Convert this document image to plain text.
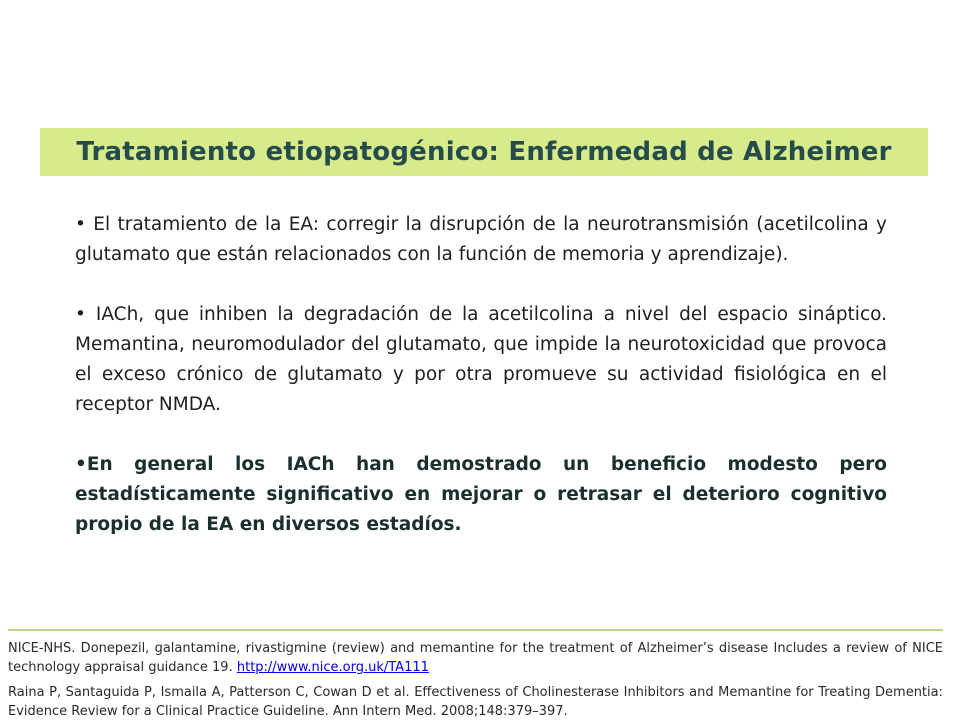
Tratamiento etiopatogénico: Enfermedad de Alzheimer

• El tratamiento de la EA: corregir la disrupción de la neurotransmisión (acetilcolina y glutamato que están relacionados con la función de memoria y aprendizaje).

• IACh, que inhiben la degradación de la acetilcolina a nivel del espacio sináptico. Memantina, neuromodulador del glutamato, que impide la neurotoxicidad que provoca el exceso crónico de glutamato y por otra promueve su actividad fisiológica en el receptor NMDA.

•En general los IACh han demostrado un beneficio modesto pero estadísticamente significativo en mejorar o retrasar el deterioro cognitivo propio de la EA en diversos estadíos.

NICE-NHS. Donepezil, galantamine, rivastigmine (review) and memantine for the treatment of Alzheimer’s disease Includes a review of NICE technology appraisal guidance 19. http://www.nice.org.uk/TA111

Raina P, Santaguida P, Ismaila A, Patterson C, Cowan D et al. Effectiveness of Cholinesterase Inhibitors and Memantine for Treating Dementia: Evidence Review for a Clinical Practice Guideline. Ann Intern Med. 2008;148:379–397.
